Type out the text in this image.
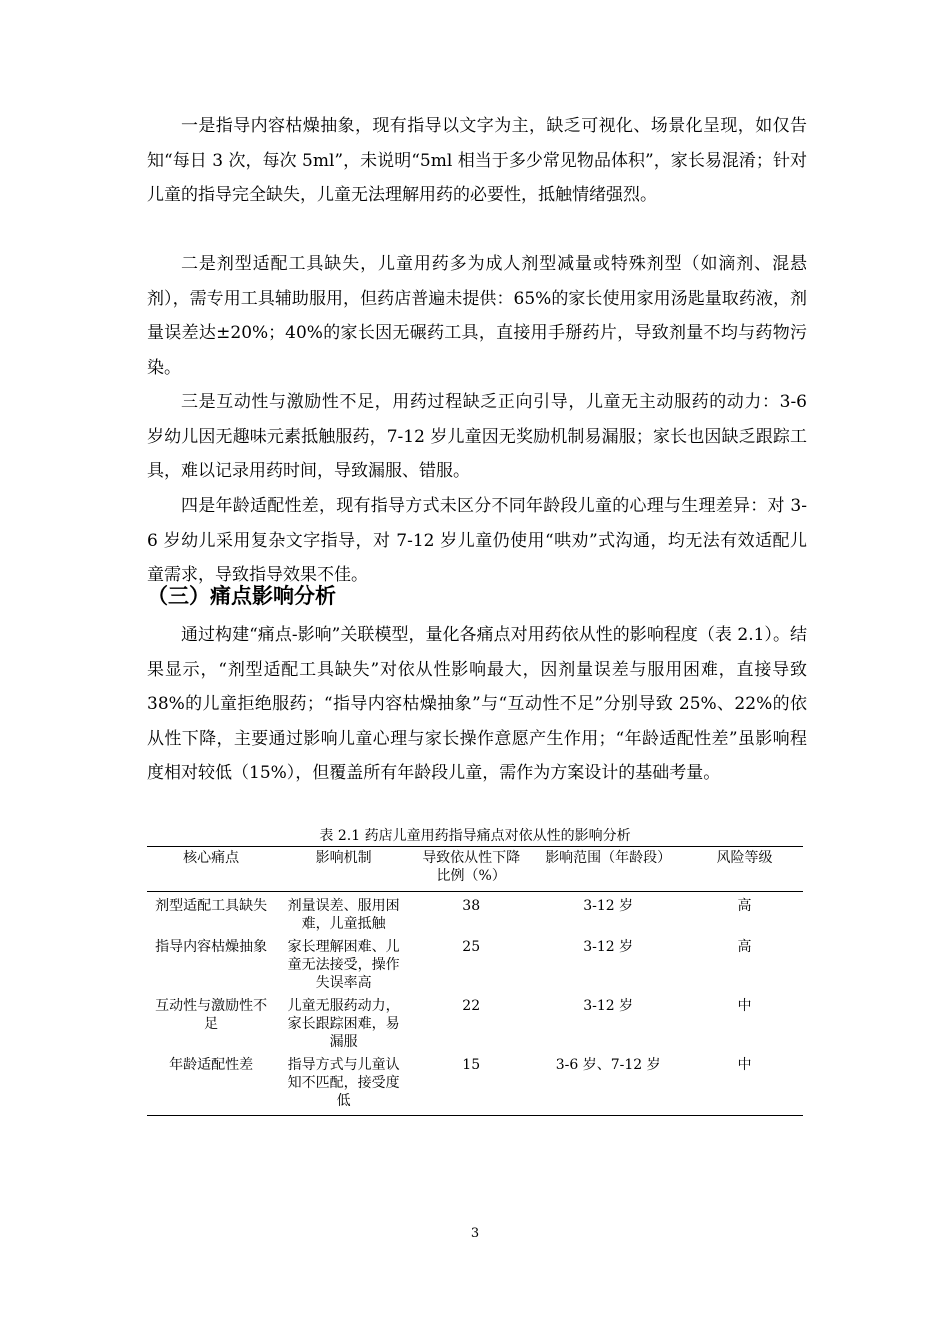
一是指导内容枯燥抽象，现有指导以文字为主，缺乏可视化、场景化呈现，如仅告知“每日 3 次，每次 5ml”，未说明“5ml 相当于多少常见物品体积”，家长易混淆；针对儿童的指导完全缺失，儿童无法理解用药的必要性，抵触情绪强烈。

二是剂型适配工具缺失，儿童用药多为成人剂型减量或特殊剂型（如滴剂、混悬剂），需专用工具辅助服用，但药店普遍未提供：65%的家长使用家用汤匙量取药液，剂量误差达±20%；40%的家长因无碾药工具，直接用手掰药片，导致剂量不均与药物污染。

三是互动性与激励性不足，用药过程缺乏正向引导，儿童无主动服药的动力：3-6 岁幼儿因无趣味元素抵触服药，7-12 岁儿童因无奖励机制易漏服；家长也因缺乏跟踪工具，难以记录用药时间，导致漏服、错服。

四是年龄适配性差，现有指导方式未区分不同年龄段儿童的心理与生理差异：对 3-6 岁幼儿采用复杂文字指导，对 7-12 岁儿童仍使用“哄劝”式沟通，均无法有效适配儿童需求，导致指导效果不佳。

（三）痛点影响分析

通过构建“痛点-影响”关联模型，量化各痛点对用药依从性的影响程度（表 2.1）。结果显示，“剂型适配工具缺失”对依从性影响最大，因剂量误差与服用困难，直接导致 38%的儿童拒绝服药；“指导内容枯燥抽象”与“互动性不足”分别导致 25%、22%的依从性下降，主要通过影响儿童心理与家长操作意愿产生作用；“年龄适配性差”虽影响程度相对较低（15%），但覆盖所有年龄段儿童，需作为方案设计的基础考量。

表 2.1 药店儿童用药指导痛点对依从性的影响分析

核心痛点	影响机制	导致依从性下降比例（%）	影响范围（年龄段）	风险等级
剂型适配工具缺失	剂量误差、服用困难，儿童抵触	38	3-12 岁	高
指导内容枯燥抽象	家长理解困难、儿童无法接受，操作失误率高	25	3-12 岁	高
互动性与激励性不足	儿童无服药动力，家长跟踪困难，易漏服	22	3-12 岁	中
年龄适配性差	指导方式与儿童认知不匹配，接受度低	15	3-6 岁、7-12 岁	中

3
